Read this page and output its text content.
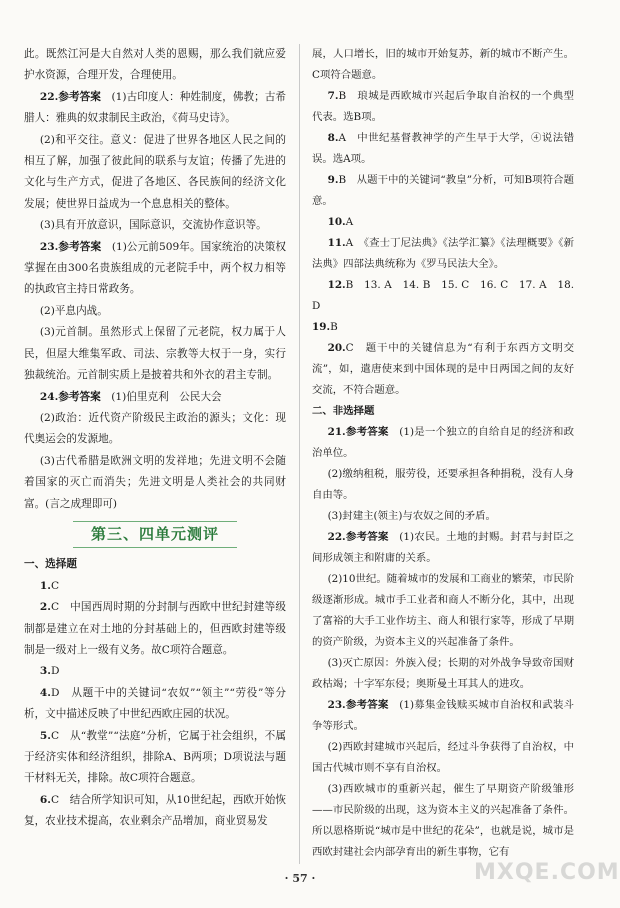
此。既然江河是大自然对人类的恩赐，那么我们就应爱护水资源，合理开发，合理使用。

22.参考答案　 (1)古印度人：种姓制度，佛教；古希腊人：雅典的奴隶制民主政治，《荷马史诗》。

(2)和平交往。意义：促进了世界各地区人民之间的相互了解，加强了彼此间的联系与友谊；传播了先进的文化与生产方式，促进了各地区、各民族间的经济文化发展；使世界日益成为一个息息相关的整体。

(3)具有开放意识，国际意识，交流协作意识等。

23.参考答案　 (1)公元前509年。国家统治的决策权掌握在由300名贵族组成的元老院手中，两个权力相等的执政官主持日常政务。

(2)平息内战。

(3)元首制。虽然形式上保留了元老院，权力属于人民，但屋大维集军政、司法、宗教等大权于一身，实行独裁统治。元首制实质上是披着共和外衣的君主专制。

24.参考答案　 (1)伯里克利　公民大会

(2)政治：近代资产阶级民主政治的源头；文化：现代奥运会的发源地。

(3)古代希腊是欧洲文明的发祥地；先进文明不会随着国家的灭亡而消失；先进文明是人类社会的共同财富。(言之成理即可)

第三、四单元测评

一、选择题

1.C

2.C　中国西周时期的分封制与西欧中世纪封建等级制都是建立在对土地的分封基础上的，但西欧封建等级制是一级对上一级有义务。故C项符合题意。

3.D

4.D　从题干中的关键词“农奴”“领主”“劳役”等分析，文中描述反映了中世纪西欧庄园的状况。

5.C　从“教堂”“法庭”分析，它属于社会组织，不属于经济实体和经济组织，排除A、B两项；D项说法与题干材料无关，排除。故C项符合题意。

6.C　结合所学知识可知，从10世纪起，西欧开始恢复，农业技术提高，农业剩余产品增加，商业贸易发

展，人口增长，旧的城市开始复苏，新的城市不断产生。C项符合题意。

7.B　琅城是西欧城市兴起后争取自治权的一个典型代表。选B项。

8.A　中世纪基督教神学的产生早于大学，④说法错误。选A项。

9.B　从题干中的关键词“教皇”分析，可知B项符合题意。

10.A

11.A　《查士丁尼法典》《法学汇纂》《法理概要》《新法典》四部法典统称为《罗马民法大全》。

12.B　13. A　14. B　15. C　16. C　17. A　18. D

19.B

20.C　题干中的关键信息为“有利于东西方文明交流”，如，遣唐使来到中国体现的是中日两国之间的友好交流，不符合题意。

二、非选择题

21.参考答案　 (1)是一个独立的自给自足的经济和政治单位。

(2)缴纳租税，服劳役，还要承担各种捐税，没有人身自由等。

(3)封建主(领主)与农奴之间的矛盾。

22.参考答案　 (1)农民。土地的封赐。封君与封臣之间形成领主和附庸的关系。

(2)10世纪。随着城市的发展和工商业的繁荣，市民阶级逐渐形成。城市手工业者和商人不断分化，其中，出现了富裕的大手工业作坊主、商人和银行家等，形成了早期的资产阶级，为资本主义的兴起准备了条件。

(3)灭亡原因：外族入侵；长期的对外战争导致帝国财政枯竭；十字军东侵；奥斯曼土耳其人的进攻。

23.参考答案　 (1)募集金钱赎买城市自治权和武装斗争等形式。

(2)西欧封建城市兴起后，经过斗争获得了自治权，中国古代城市则不享有自治权。

(3)西欧城市的重新兴起，催生了早期资产阶级雏形——市民阶级的出现，这为资本主义的兴起准备了条件。所以恩格斯说“城市是中世纪的花朵”，也就是说，城市是西欧封建社会内部孕育出的新生事物，它有

· 57 ·	MXQE.COM
